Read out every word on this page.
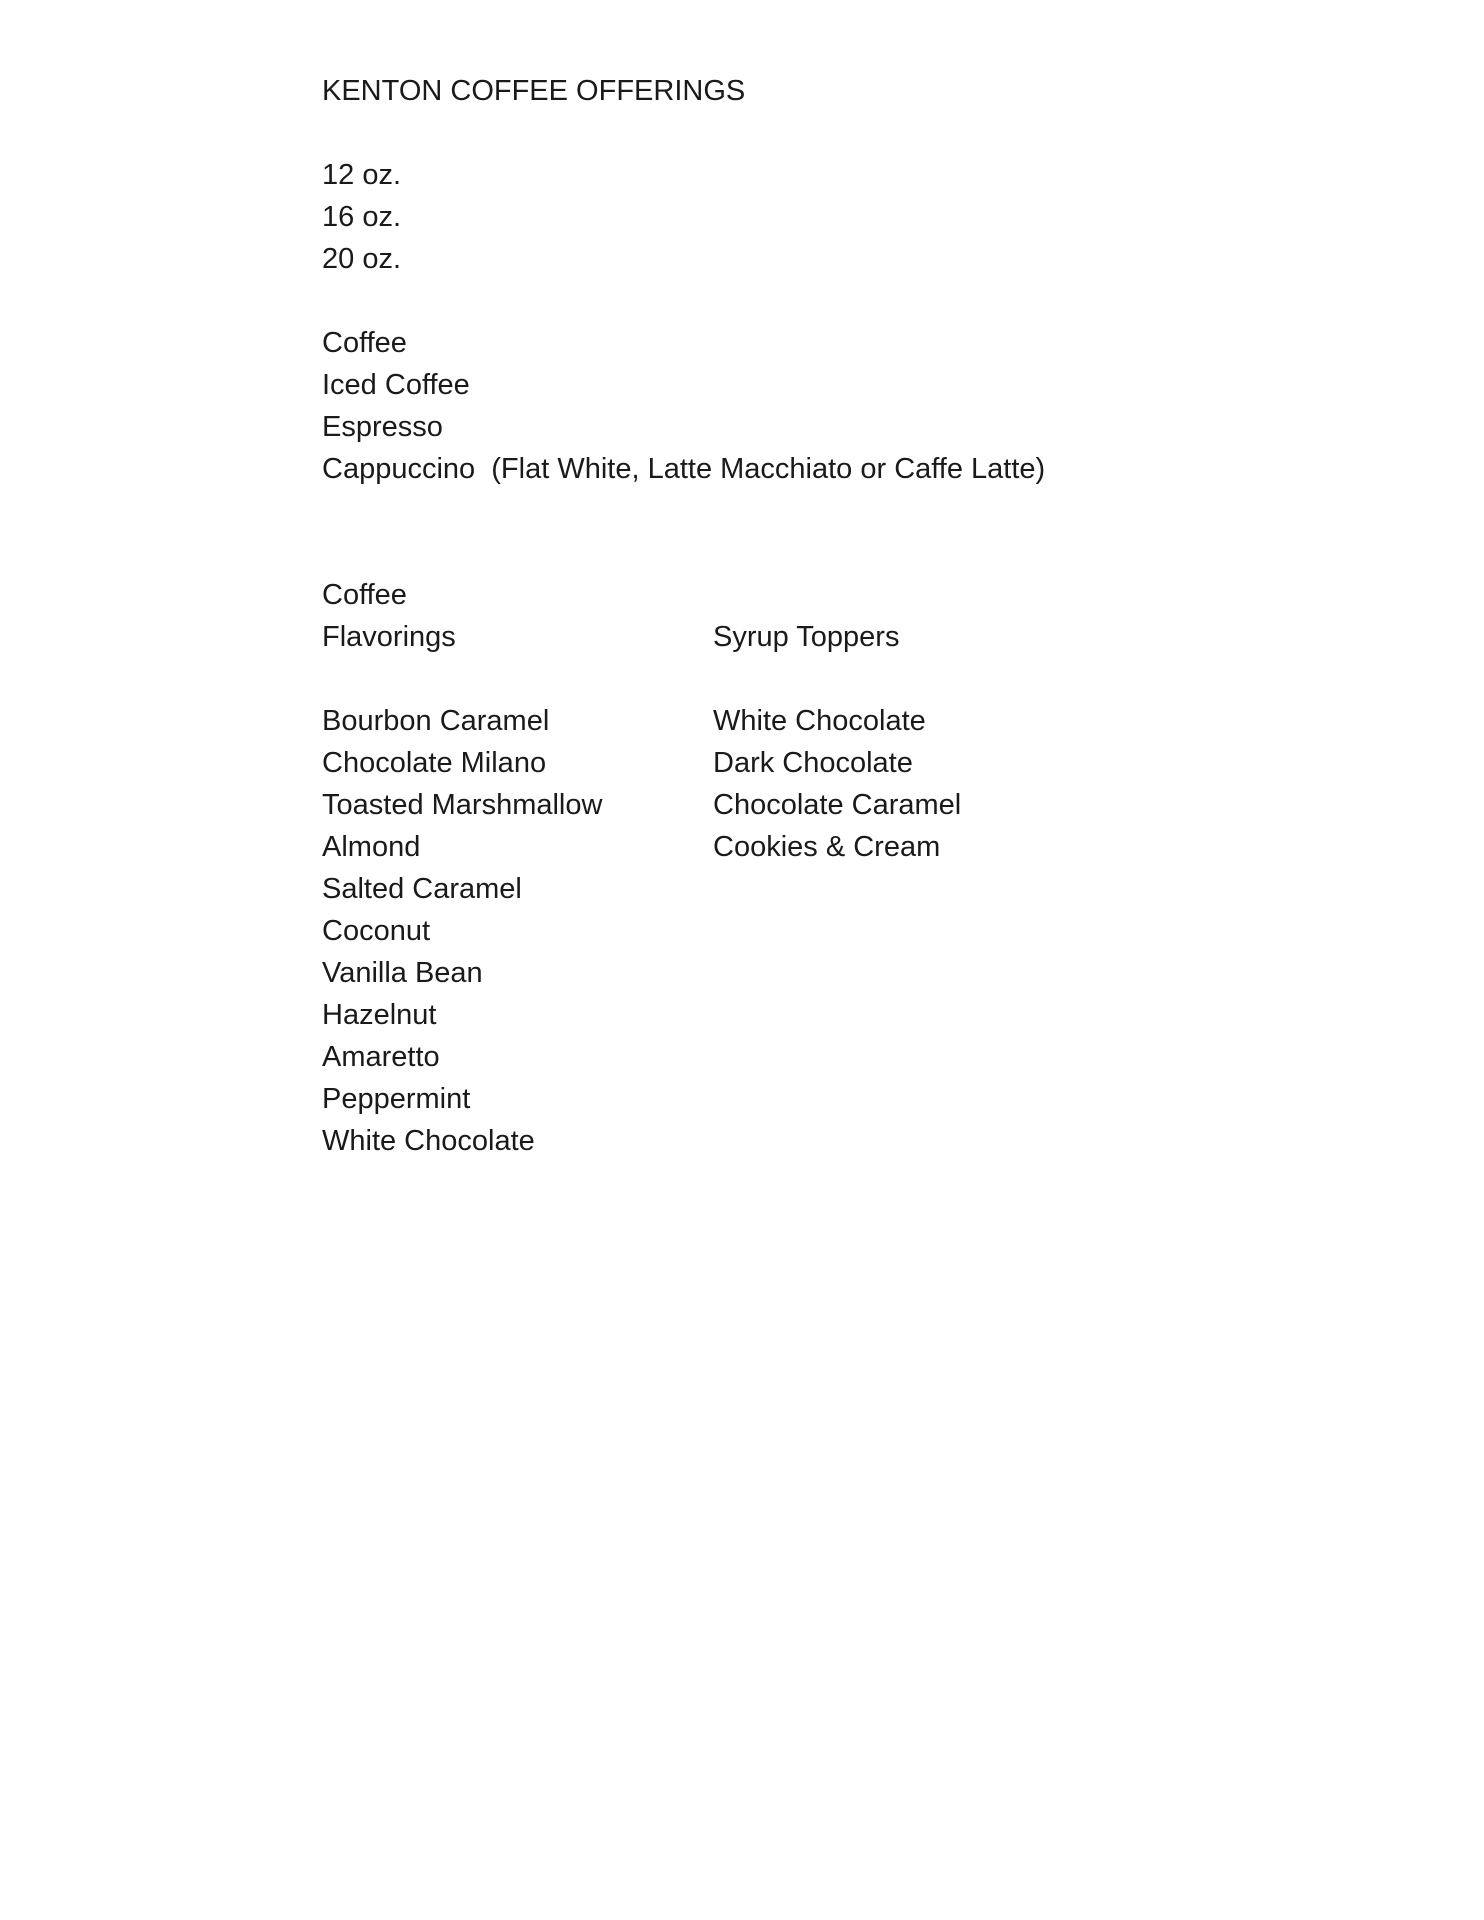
KENTON COFFEE OFFERINGS
12 oz.
16 oz.
20 oz.
Coffee
Iced Coffee
Espresso
Cappuccino  (Flat White, Latte Macchiato or Caffe Latte)
Coffee
Flavorings
Bourbon Caramel
Chocolate Milano
Toasted Marshmallow
Almond
Salted Caramel
Coconut
Vanilla Bean
Hazelnut
Amaretto
Peppermint
White Chocolate
Syrup Toppers
White Chocolate
Dark Chocolate
Chocolate Caramel
Cookies & Cream
